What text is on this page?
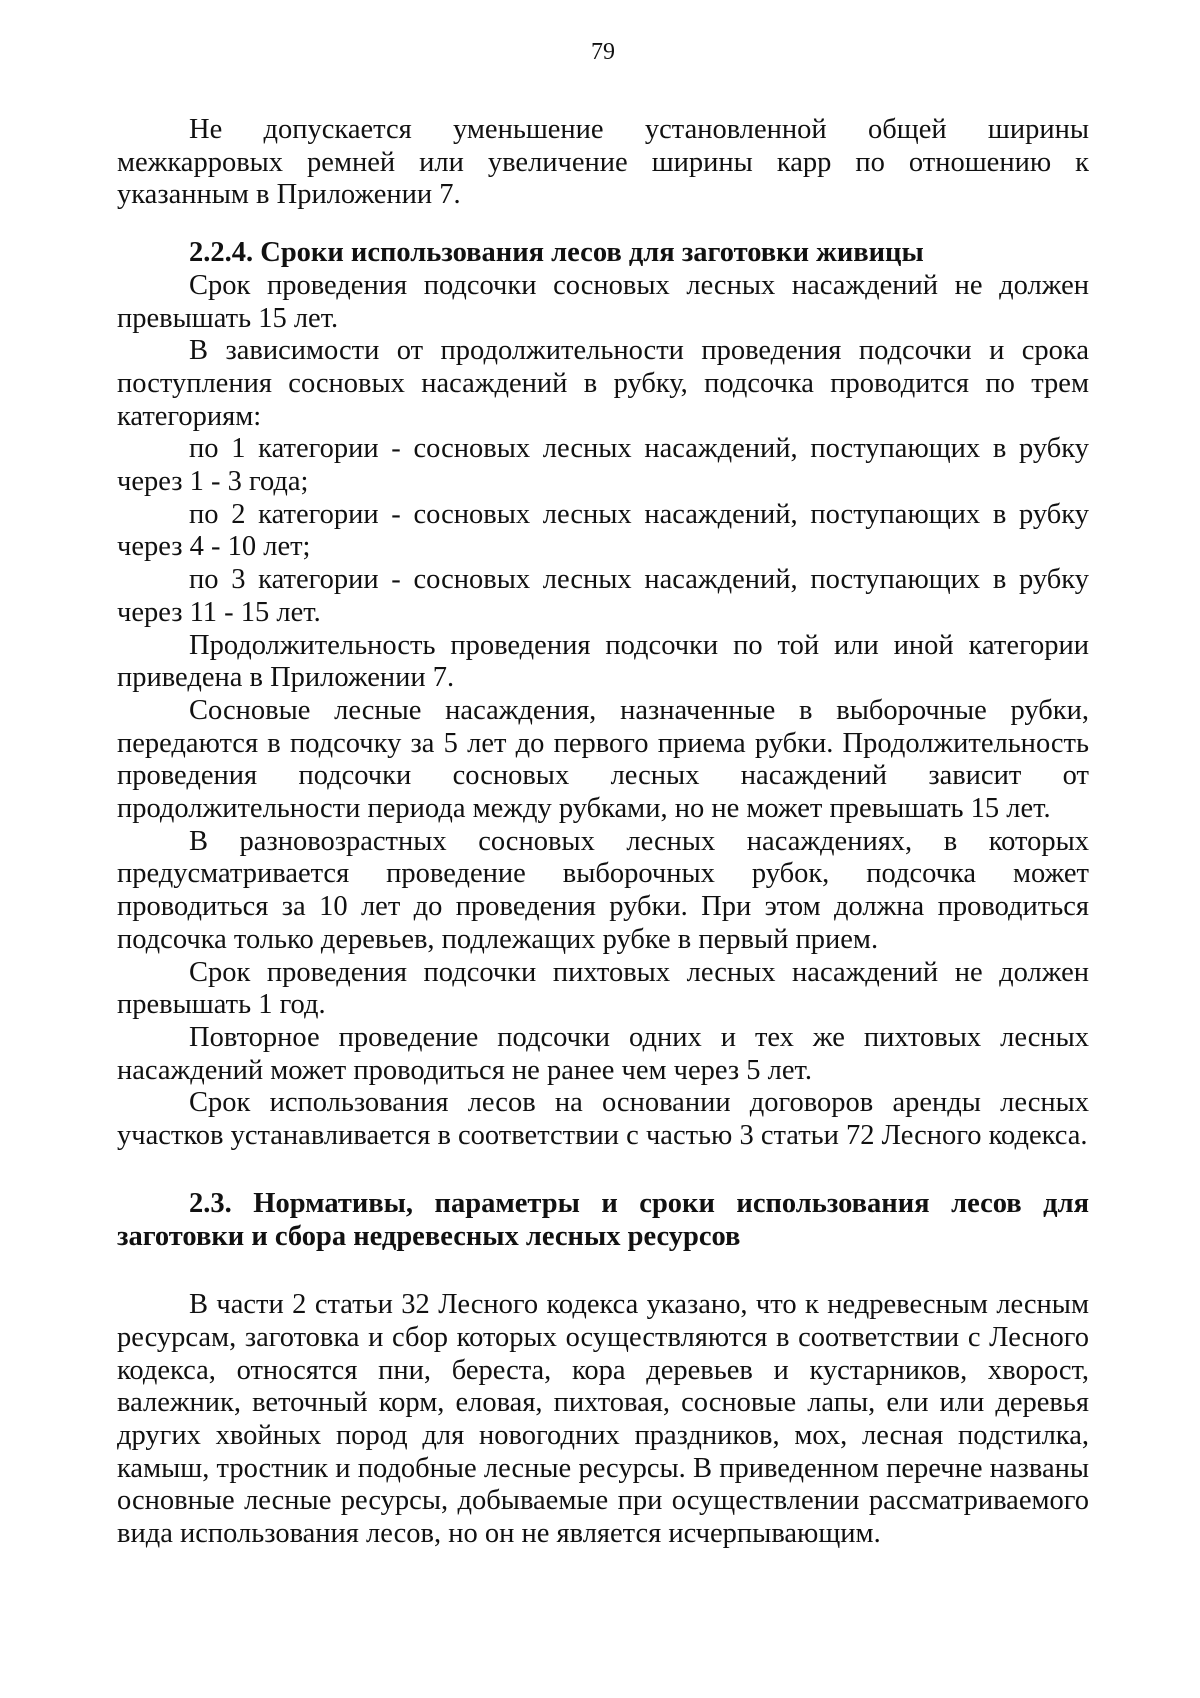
79

Не допускается уменьшение установленной общей ширины межкарровых ремней или увеличение ширины карр по отношению к указанным в Приложении 7.

2.2.4. Сроки использования лесов для заготовки живицы

Срок проведения подсочки сосновых лесных насаждений не должен превышать 15 лет.

В зависимости от продолжительности проведения подсочки и срока поступления сосновых насаждений в рубку, подсочка проводится по трем категориям:

по 1 категории - сосновых лесных насаждений, поступающих в рубку через 1 - 3 года;

по 2 категории - сосновых лесных насаждений, поступающих в рубку через 4 - 10 лет;

по 3 категории - сосновых лесных насаждений, поступающих в рубку через 11 - 15 лет.

Продолжительность проведения подсочки по той или иной категории приведена в Приложении 7.

Сосновые лесные насаждения, назначенные в выборочные рубки, передаются в подсочку за 5 лет до первого приема рубки. Продолжительность проведения подсочки сосновых лесных насаждений зависит от продолжительности периода между рубками, но не может превышать 15 лет.

В разновозрастных сосновых лесных насаждениях, в которых предусматривается проведение выборочных рубок, подсочка может проводиться за 10 лет до проведения рубки. При этом должна проводиться подсочка только деревьев, подлежащих рубке в первый прием.

Срок проведения подсочки пихтовых лесных насаждений не должен превышать 1 год.

Повторное проведение подсочки одних и тех же пихтовых лесных насаждений может проводиться не ранее чем через 5 лет.

Срок использования лесов на основании договоров аренды лесных участков устанавливается в соответствии с частью 3 статьи 72 Лесного кодекса.

2.3. Нормативы, параметры и сроки использования лесов для заготовки и сбора недревесных лесных ресурсов

В части 2 статьи 32 Лесного кодекса указано, что к недревесным лесным ресурсам, заготовка и сбор которых осуществляются в соответствии с Лесного кодекса, относятся пни, береста, кора деревьев и кустарников, хворост, валежник, веточный корм, еловая, пихтовая, сосновые лапы, ели или деревья других хвойных пород для новогодних праздников, мох, лесная подстилка, камыш, тростник и подобные лесные ресурсы. В приведенном перечне названы основные лесные ресурсы, добываемые при осуществлении рассматриваемого вида использования лесов, но он не является исчерпывающим.
